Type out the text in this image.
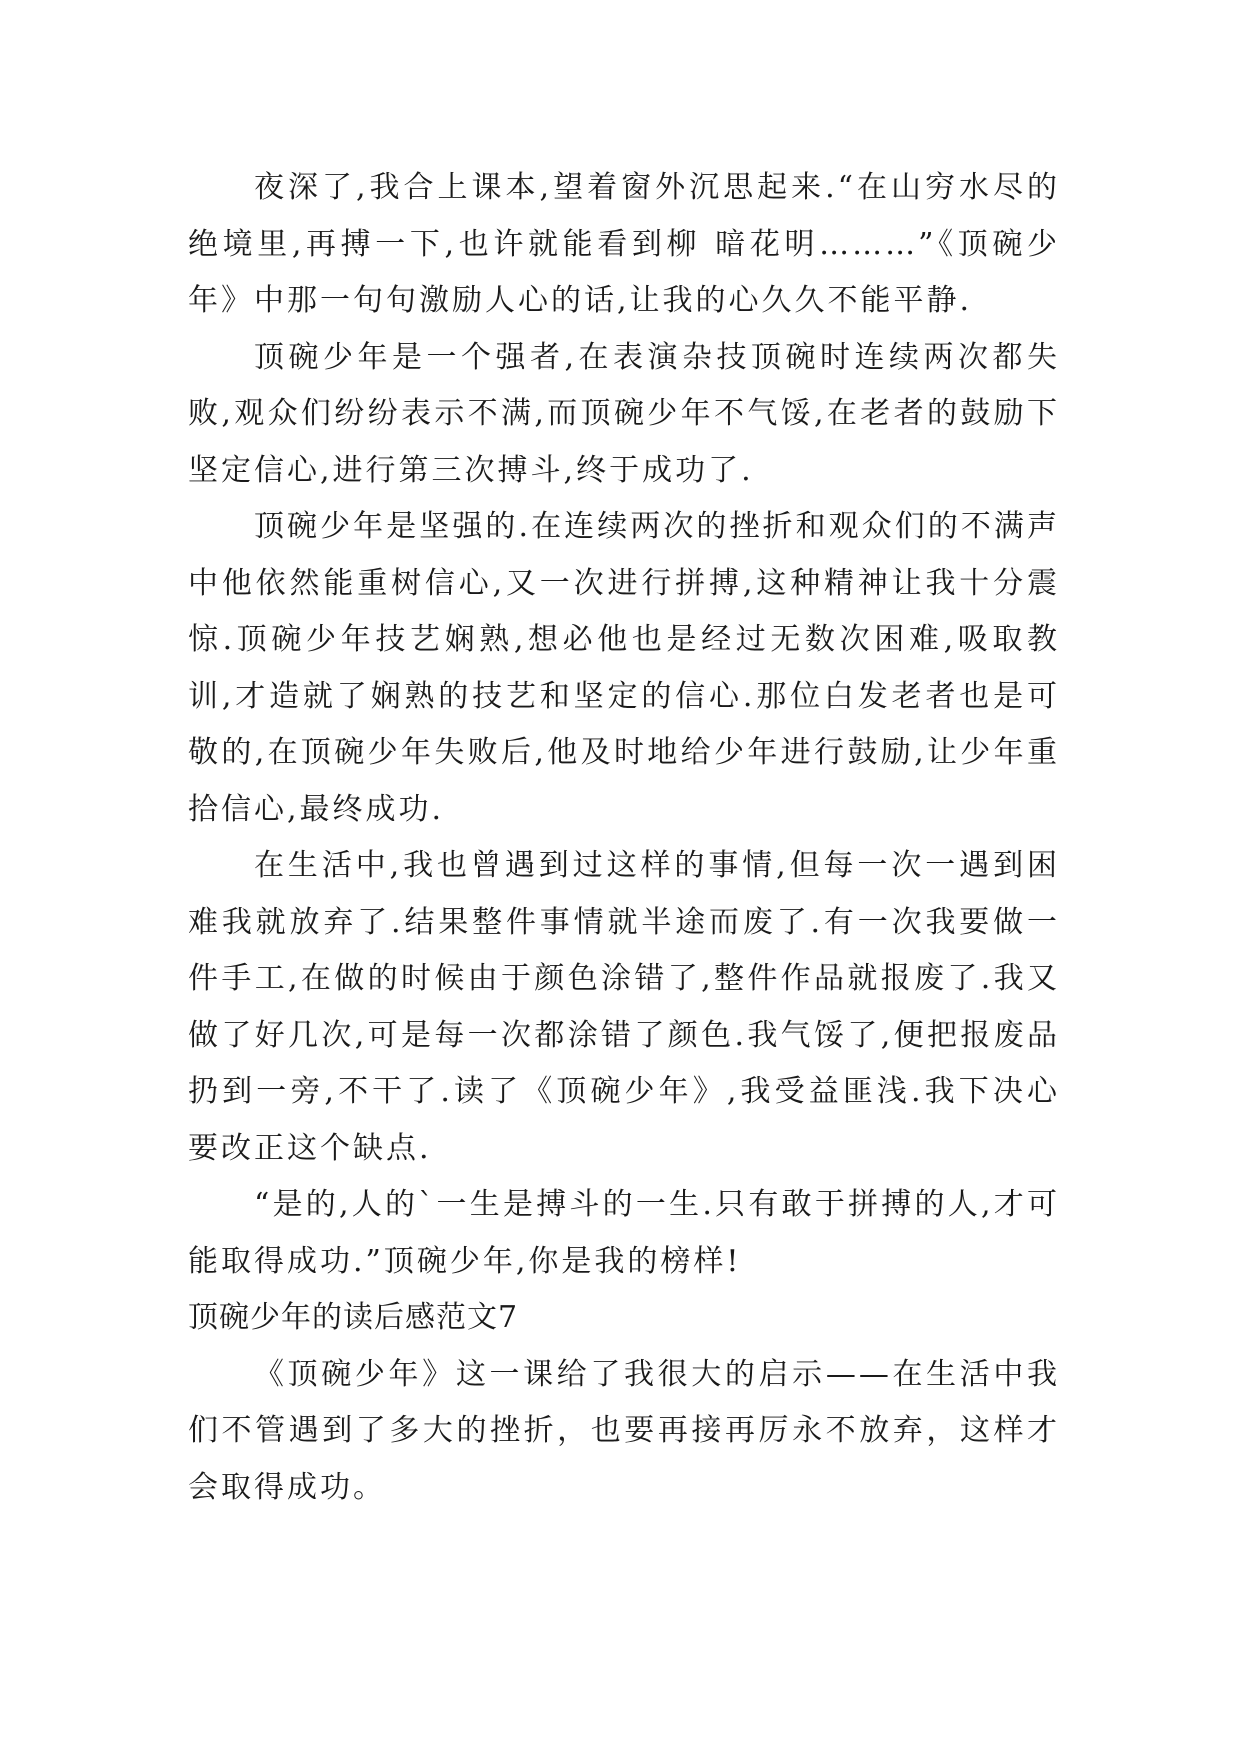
夜深了,我合上课本,望着窗外沉思起来.“在山穷水尽的绝境里,再搏一下,也许就能看到柳 暗花明………”《顶碗少年》中那一句句激励人心的话,让我的心久久不能平静.

顶碗少年是一个强者,在表演杂技顶碗时连续两次都失败,观众们纷纷表示不满,而顶碗少年不气馁,在老者的鼓励下坚定信心,进行第三次搏斗,终于成功了.

顶碗少年是坚强的.在连续两次的挫折和观众们的不满声中他依然能重树信心,又一次进行拼搏,这种精神让我十分震惊.顶碗少年技艺娴熟,想必他也是经过无数次困难,吸取教训,才造就了娴熟的技艺和坚定的信心.那位白发老者也是可敬的,在顶碗少年失败后,他及时地给少年进行鼓励,让少年重拾信心,最终成功.

在生活中,我也曾遇到过这样的事情,但每一次一遇到困难我就放弃了.结果整件事情就半途而废了.有一次我要做一件手工,在做的时候由于颜色涂错了,整件作品就报废了.我又做了好几次,可是每一次都涂错了颜色.我气馁了,便把报废品扔到一旁,不干了.读了《顶碗少年》,我受益匪浅.我下决心要改正这个缺点.

“是的,人的`一生是搏斗的一生.只有敢于拼搏的人,才可能取得成功.”顶碗少年,你是我的榜样!

顶碗少年的读后感范文7

《顶碗少年》这一课给了我很大的启示——在生活中我们不管遇到了多大的挫折，也要再接再厉永不放弃，这样才会取得成功。
